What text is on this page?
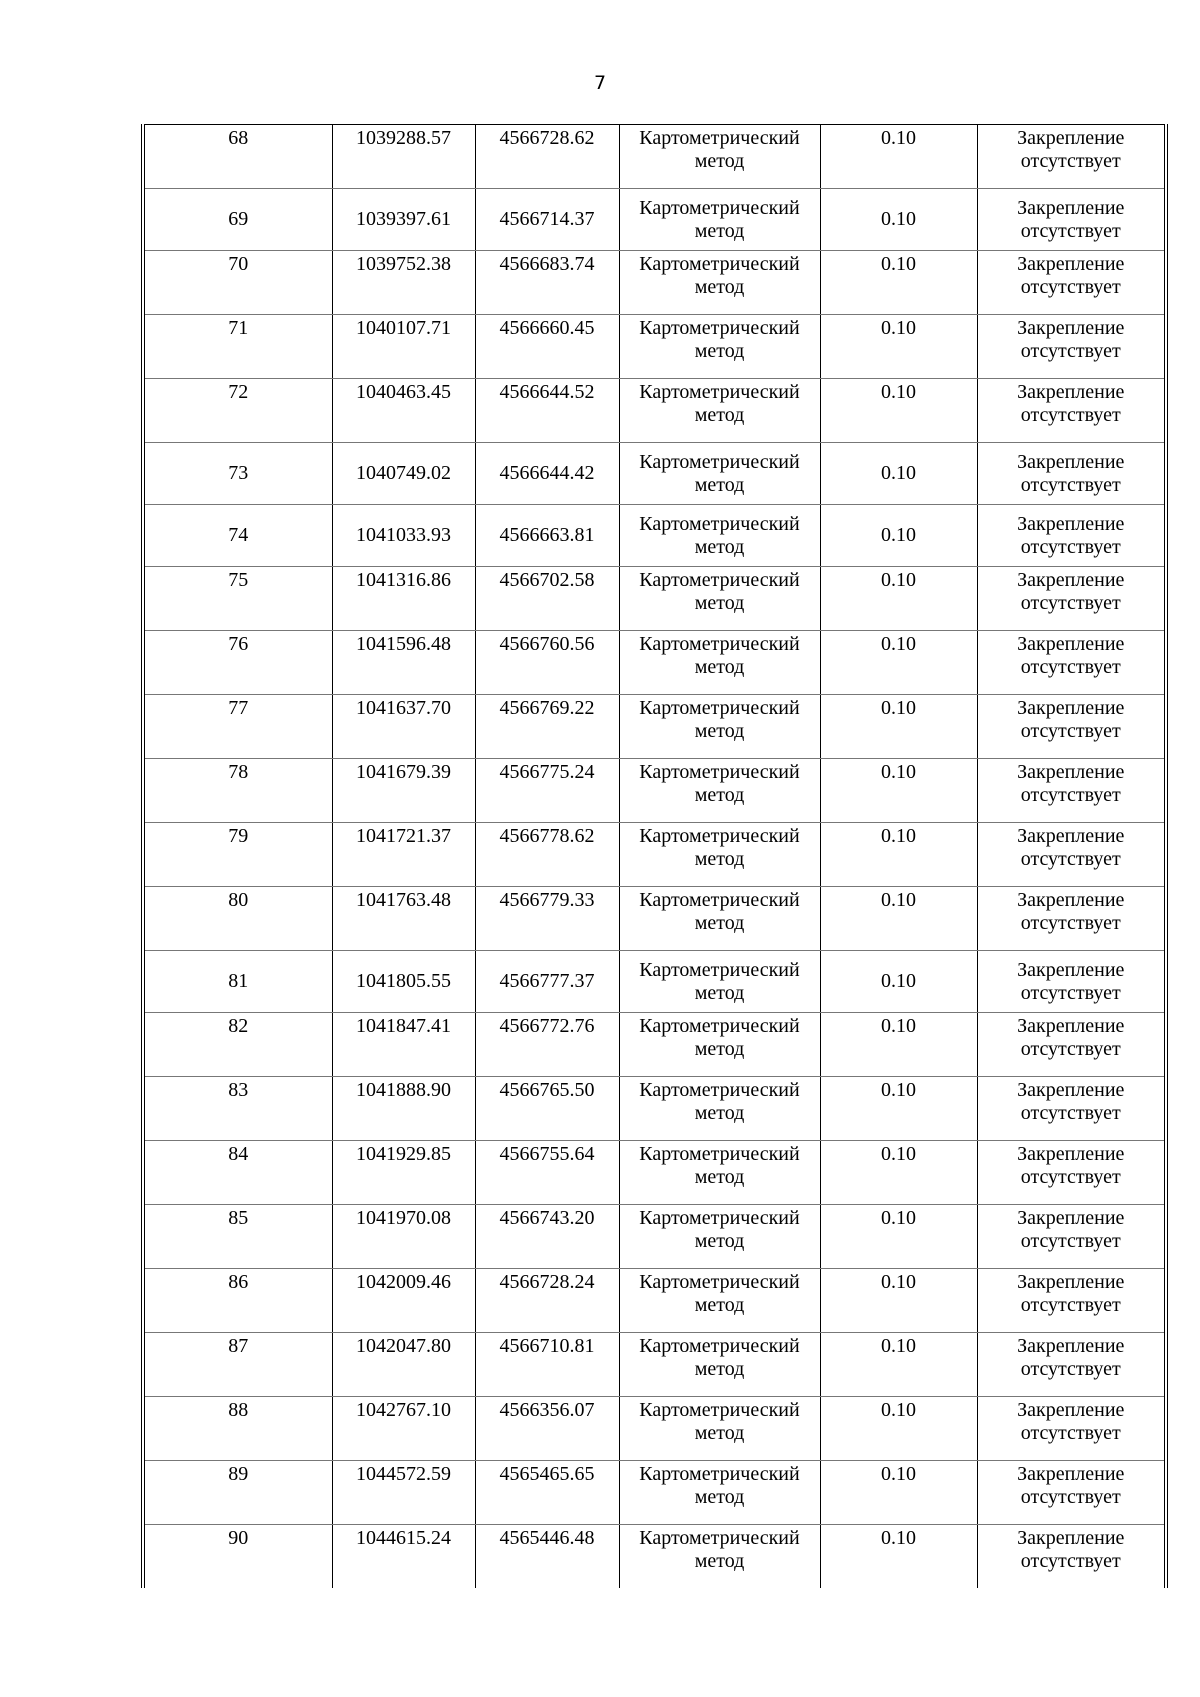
7
68	1039288.57	4566728.62	Картометрический метод	0.10	Закрепление отсутствует
69	1039397.61	4566714.37	Картометрический метод	0.10	Закрепление отсутствует
70	1039752.38	4566683.74	Картометрический метод	0.10	Закрепление отсутствует
71	1040107.71	4566660.45	Картометрический метод	0.10	Закрепление отсутствует
72	1040463.45	4566644.52	Картометрический метод	0.10	Закрепление отсутствует
73	1040749.02	4566644.42	Картометрический метод	0.10	Закрепление отсутствует
74	1041033.93	4566663.81	Картометрический метод	0.10	Закрепление отсутствует
75	1041316.86	4566702.58	Картометрический метод	0.10	Закрепление отсутствует
76	1041596.48	4566760.56	Картометрический метод	0.10	Закрепление отсутствует
77	1041637.70	4566769.22	Картометрический метод	0.10	Закрепление отсутствует
78	1041679.39	4566775.24	Картометрический метод	0.10	Закрепление отсутствует
79	1041721.37	4566778.62	Картометрический метод	0.10	Закрепление отсутствует
80	1041763.48	4566779.33	Картометрический метод	0.10	Закрепление отсутствует
81	1041805.55	4566777.37	Картометрический метод	0.10	Закрепление отсутствует
82	1041847.41	4566772.76	Картометрический метод	0.10	Закрепление отсутствует
83	1041888.90	4566765.50	Картометрический метод	0.10	Закрепление отсутствует
84	1041929.85	4566755.64	Картометрический метод	0.10	Закрепление отсутствует
85	1041970.08	4566743.20	Картометрический метод	0.10	Закрепление отсутствует
86	1042009.46	4566728.24	Картометрический метод	0.10	Закрепление отсутствует
87	1042047.80	4566710.81	Картометрический метод	0.10	Закрепление отсутствует
88	1042767.10	4566356.07	Картометрический метод	0.10	Закрепление отсутствует
89	1044572.59	4565465.65	Картометрический метод	0.10	Закрепление отсутствует
90	1044615.24	4565446.48	Картометрический метод	0.10	Закрепление отсутствует
